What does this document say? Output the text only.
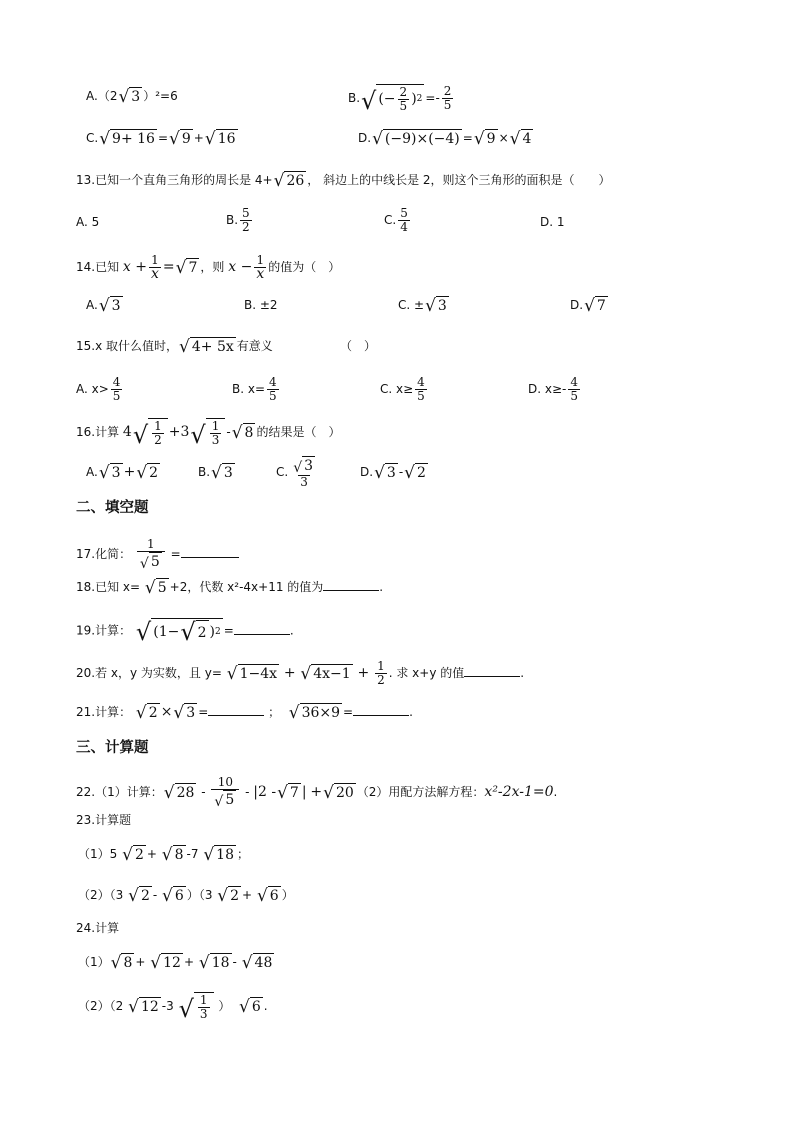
A.（2 √ 3 ）²=6	B. √ (− $\frac{2}{5}$ ) $2 =- \frac{2}{5}$
C. √ 9+ 16 = √ 9 + √ 16	D. √ (−9)×(−4) = √ 9 × √ 4
13.已知一个直角三角形的周长是 4+ √ 26 ， 斜边上的中线长是 2，则这个三角形的面积是（　　）
A. 5	B. $\frac{5}{2}$	C. $\frac{5}{4}$	D. 1
14.已知 $x + \frac{1}{x}$ = √ 7 ，则 $x - \frac{1}{x}$ 的值为（　）
A. √ 3	B. ±2	C. ± √ 3	D. √ 7
15.x 取什么值时， √ 4+ 5x 有意义	（　）
A. $x> \frac{4}{5}$	B. $x= \frac{4}{5}$	C. $x\ge \frac{4}{5}$	D. $x\ge- \frac{4}{5}$
16.计算 4 √ $\frac{1}{2} +3$ √ $\frac{1}{3}$ - √ 8 的结果是（　）
A. √ 3 + √ 2	B. √ 3	C. $\frac{√ 3}{3}$	D. √ 3 - √ 2
二、填空题
17.化简： $\frac{1}{√ 5}$ =
18.已知 x= √ 5 +2，代数 x²-4x+11 的值为	.
19.计算： √ ( 1− √ 2 ) 2 =	.
20.若 x，y 为实数，且 y= √ 1−4x + √ $4x-1 + \frac{1}{2}$ . 求 x+y 的值	.
21.计算： √ 2 × √ 3 =	； √ 36×9 =	.
三、计算题
22.（1）计算： √ $28 - \frac{10}{√ 5} - |2$ - √ 7 | + √ 20 （2）用配方法解方程：x²-2x-1=0.
23.计算题
（1）5 √ 2 + √ 8 -7 √ 18 ；
（2）（3 √ 2 - √ 6 ）（3 √ 2 + √ 6 ）
24.计算
（1） √ 8 + √ 12 + √ 18 - √ 48
（2）（2 √ 12 -3 √ $\frac{1}{3}$ ） √ 6 .
